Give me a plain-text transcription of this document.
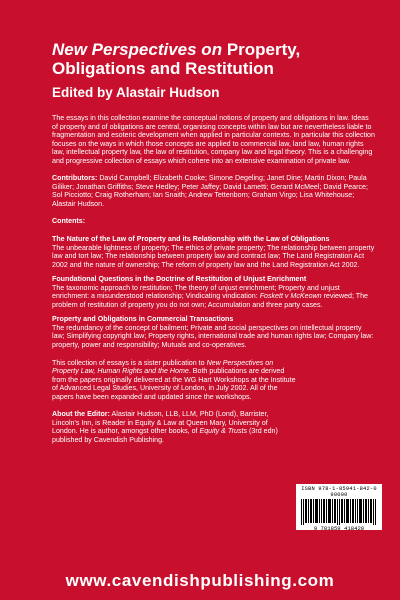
New Perspectives on Property,
Obligations and Restitution

Edited by Alastair Hudson

The essays in this collection examine the conceptual notions of property and obligations in law. Ideas of property and of obligations are central, organising concepts within law but are nevertheless liable to fragmentation and esoteric development when applied in particular contexts. In particular this collection focuses on the ways in which those concepts are applied to commercial law, land law, human rights law, intellectual property law, the law of restitution, company law and legal theory. This is a challenging and progressive collection of essays which cohere into an extensive examination of private law.

Contributors: David Campbell; Elizabeth Cooke; Simone Degeling; Janet Dine; Martin Dixon; Paula Giliker; Jonathan Griffiths; Steve Hedley; Peter Jaffey; David Lametti; Gerard McMeel; David Pearce; Sol Picciotto; Craig Rotherham; Ian Snaith; Andrew Tettenborn; Graham Virgo; Lisa Whitehouse; Alastair Hudson.

Contents:

The Nature of the Law of Property and its Relationship with the Law of Obligations

The unbearable lightness of property; The ethics of private property; The relationship between property law and tort law; The relationship between property law and contract law; The Land Registration Act 2002 and the nature of ownership; The reform of property law and the Land Registration Act 2002.

Foundational Questions in the Doctrine of Restitution of Unjust Enrichment

The taxonomic approach to restitution; The theory of unjust enrichment; Property and unjust enrichment: a misunderstood relationship; Vindicating vindication: Foskett v McKeown reviewed; The problem of restitution of property you do not own; Accumulation and three party cases.

Property and Obligations in Commercial Transactions

The redundancy of the concept of bailment; Private and social perspectives on intellectual property law; Simplifying copyright law; Property rights, international trade and human rights law; Company law: property, power and responsibility; Mutuals and co-operatives.

This collection of essays is a sister publication to New Perspectives on Property Law, Human Rights and the Home. Both publications are derived from the papers originally delivered at the WG Hart Workshops at the Institute of Advanced Legal Studies, University of London, in July 2002. All of the papers have been expanded and updated since the workshops.

About the Editor: Alastair Hudson, LLB, LLM, PhD (Lond), Barrister, Lincoln's Inn, is Reader in Equity & Law at Queen Mary, University of London. He is author, amongst other books, of Equity & Trusts (3rd edn) published by Cavendish Publishing.

ISBN 978-1-85941-842-0 90000
9 781859 418420
www.cavendishpublishing.com
